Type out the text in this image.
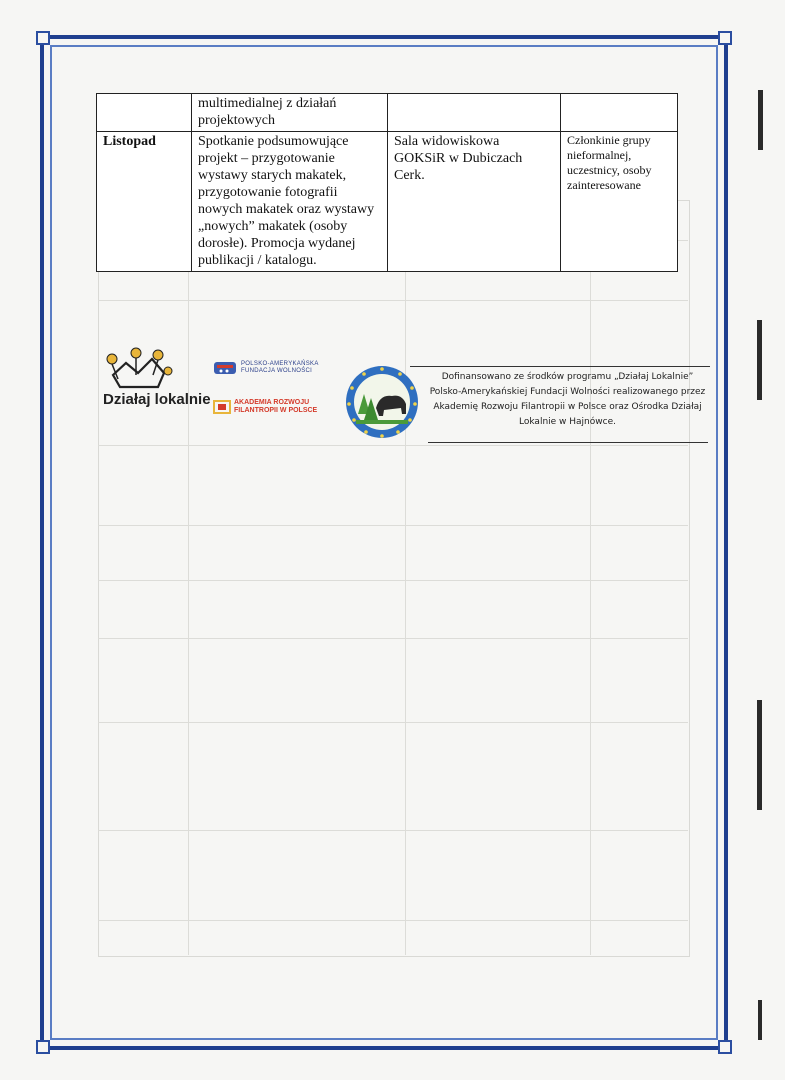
	multimedialnej z działań projektowych		
Listopad	Spotkanie podsumowujące projekt – przygotowanie wystawy starych makatek, przygotowanie fotografii nowych makatek oraz wystawy „nowych” makatek (osoby dorosłe). Promocja wydanej publikacji / katalogu.	Sala widowiskowa GOKSiR w Dubiczach Cerk.	Członkinie grupy nieformalnej, uczestnicy, osoby zainteresowane
Działaj lokalnie
POLSKO-AMERYKAŃSKA FUNDACJA WOLNOŚCI
AKADEMIA ROZWOJU FILANTROPII W POLSCE
Dofinansowano ze środków programu „Działaj Lokalnie” Polsko-Amerykańskiej Fundacji Wolności realizowanego przez Akademię Rozwoju Filantropii w Polsce oraz Ośrodka Działaj Lokalnie w Hajnówce.
